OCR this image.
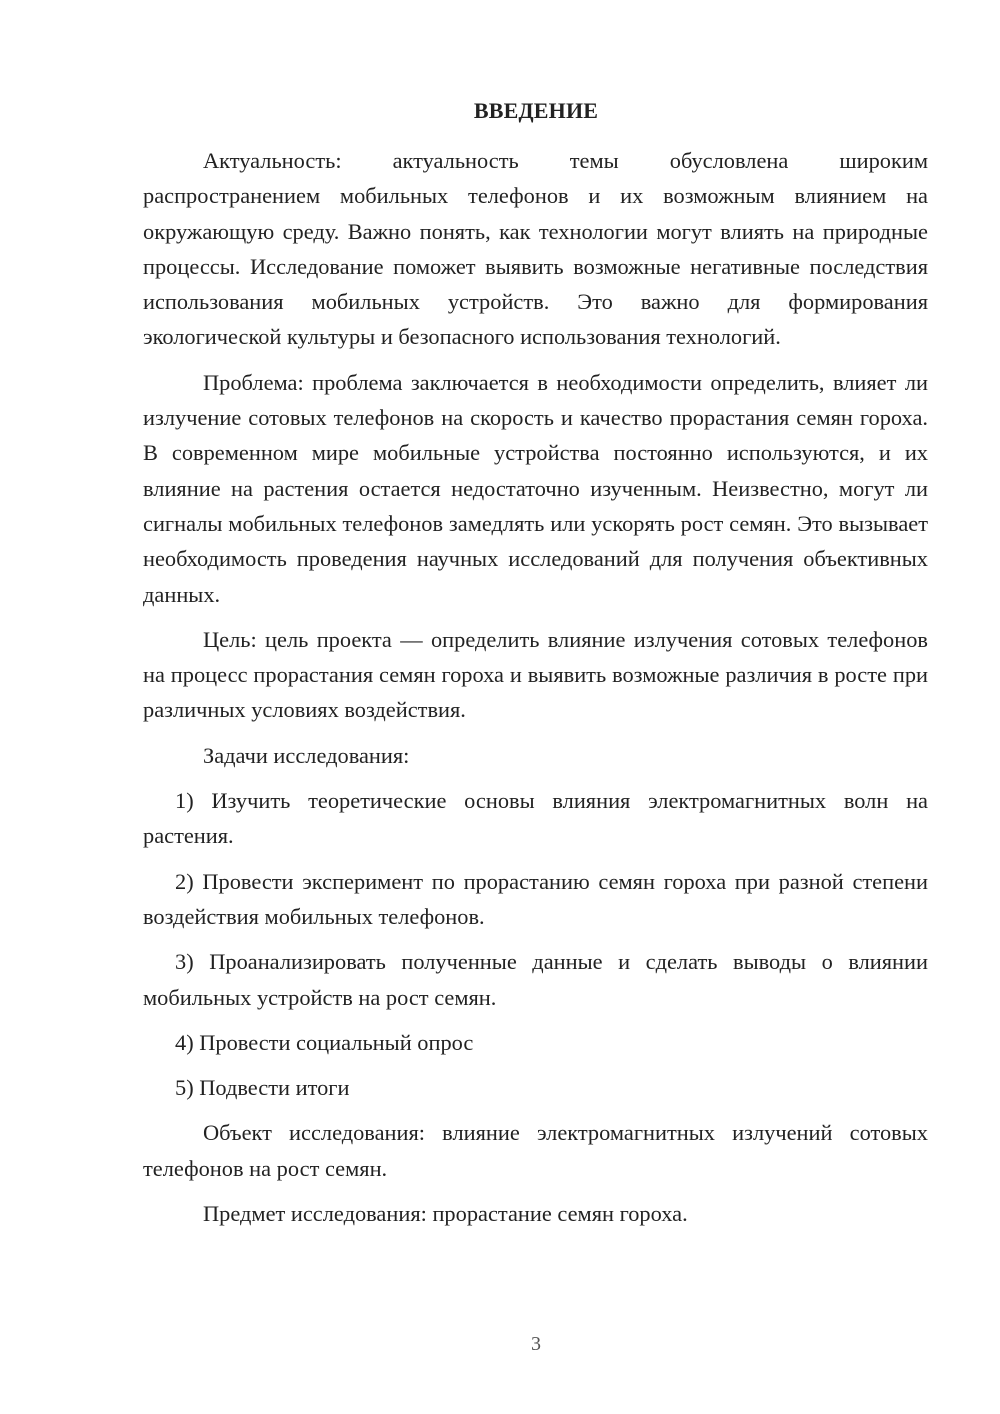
ВВЕДЕНИЕ

Актуальность: актуальность темы обусловлена широким распространением мобильных телефонов и их возможным влиянием на окружающую среду. Важно понять, как технологии могут влиять на природные процессы. Исследование поможет выявить возможные негативные последствия использования мобильных устройств. Это важно для формирования экологической культуры и безопасного использования технологий.

Проблема: проблема заключается в необходимости определить, влияет ли излучение сотовых телефонов на скорость и качество прорастания семян гороха. В современном мире мобильные устройства постоянно используются, и их влияние на растения остается недостаточно изученным. Неизвестно, могут ли сигналы мобильных телефонов замедлять или ускорять рост семян. Это вызывает необходимость проведения научных исследований для получения объективных данных.

Цель: цель проекта — определить влияние излучения сотовых телефонов на процесс прорастания семян гороха и выявить возможные различия в росте при различных условиях воздействия.

Задачи исследования:

1) Изучить теоретические основы влияния электромагнитных волн на растения.

2) Провести эксперимент по прорастанию семян гороха при разной степени воздействия мобильных телефонов.

3) Проанализировать полученные данные и сделать выводы о влиянии мобильных устройств на рост семян.

4) Провести социальный опрос

5) Подвести итоги

Объект исследования: влияние электромагнитных излучений сотовых телефонов на рост семян.

Предмет исследования: прорастание семян гороха.

3
